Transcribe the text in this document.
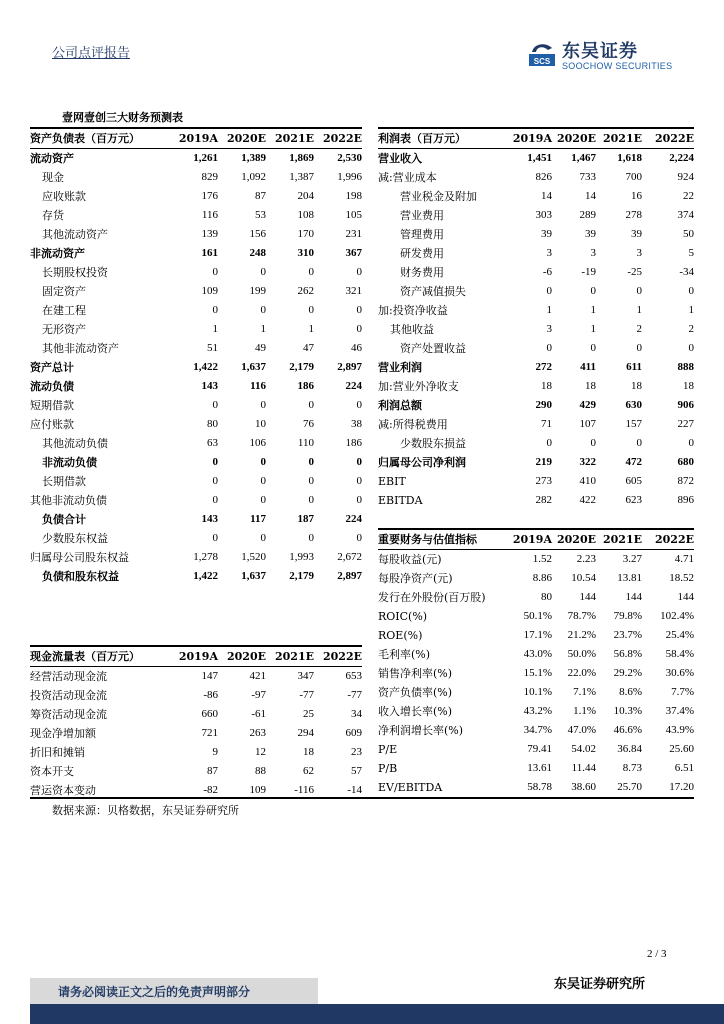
公司点评报告
SCS 东吴证券
SOOCHOW SECURITIES
壹网壹创三大财务预测表
资产负债表（百万元）	2019A	2020E	2021E	2022E
流动资产	1,261	1,389	1,869	2,530
现金	829	1,092	1,387	1,996
应收账款	176	87	204	198
存货	116	53	108	105
其他流动资产	139	156	170	231
非流动资产	161	248	310	367
长期股权投资	0	0	0	0
固定资产	109	199	262	321
在建工程	0	0	0	0
无形资产	1	1	1	0
其他非流动资产	51	49	47	46
资产总计	1,422	1,637	2,179	2,897
流动负债	143	116	186	224
短期借款	0	0	0	0
应付账款	80	10	76	38
其他流动负债	63	106	110	186
非流动负债	0	0	0	0
长期借款	0	0	0	0
其他非流动负债	0	0	0	0
负债合计	143	117	187	224
少数股东权益	0	0	0	0
归属母公司股东权益	1,278	1,520	1,993	2,672
负债和股东权益	1,422	1,637	2,179	2,897
利润表（百万元）	2019A	2020E	2021E	2022E
营业收入	1,451	1,467	1,618	2,224
减:营业成本	826	733	700	924
营业税金及附加	14	14	16	22
营业费用	303	289	278	374
管理费用	39	39	39	50
研发费用	3	3	3	5
财务费用	-6	-19	-25	-34
资产减值损失	0	0	0	0
加:投资净收益	1	1	1	1
其他收益	3	1	2	2
资产处置收益	0	0	0	0
营业利润	272	411	611	888
加:营业外净收支	18	18	18	18
利润总额	290	429	630	906
减:所得税费用	71	107	157	227
少数股东损益	0	0	0	0
归属母公司净利润	219	322	472	680
EBIT	273	410	605	872
EBITDA	282	422	623	896
重要财务与估值指标	2019A	2020E	2021E	2022E
每股收益(元)	1.52	2.23	3.27	4.71
每股净资产(元)	8.86	10.54	13.81	18.52
发行在外股份(百万股)	80	144	144	144
ROIC(%)	50.1%	78.7%	79.8%	102.4%
ROE(%)	17.1%	21.2%	23.7%	25.4%
毛利率(%)	43.0%	50.0%	56.8%	58.4%
销售净利率(%)	15.1%	22.0%	29.2%	30.6%
资产负债率(%)	10.1%	7.1%	8.6%	7.7%
收入增长率(%)	43.2%	1.1%	10.3%	37.4%
净利润增长率(%)	34.7%	47.0%	46.6%	43.9%
P/E	79.41	54.02	36.84	25.60
P/B	13.61	11.44	8.73	6.51
EV/EBITDA	58.78	38.60	25.70	17.20
现金流量表（百万元）	2019A	2020E	2021E	2022E
经营活动现金流	147	421	347	653
投资活动现金流	-86	-97	-77	-77
筹资活动现金流	660	-61	25	34
现金净增加额	721	263	294	609
折旧和摊销	9	12	18	23
资本开支	87	88	62	57
营运资本变动	-82	109	-116	-14
数据来源：贝格数据，东吴证券研究所
2 / 3
请务必阅读正文之后的免责声明部分	东吴证券研究所
